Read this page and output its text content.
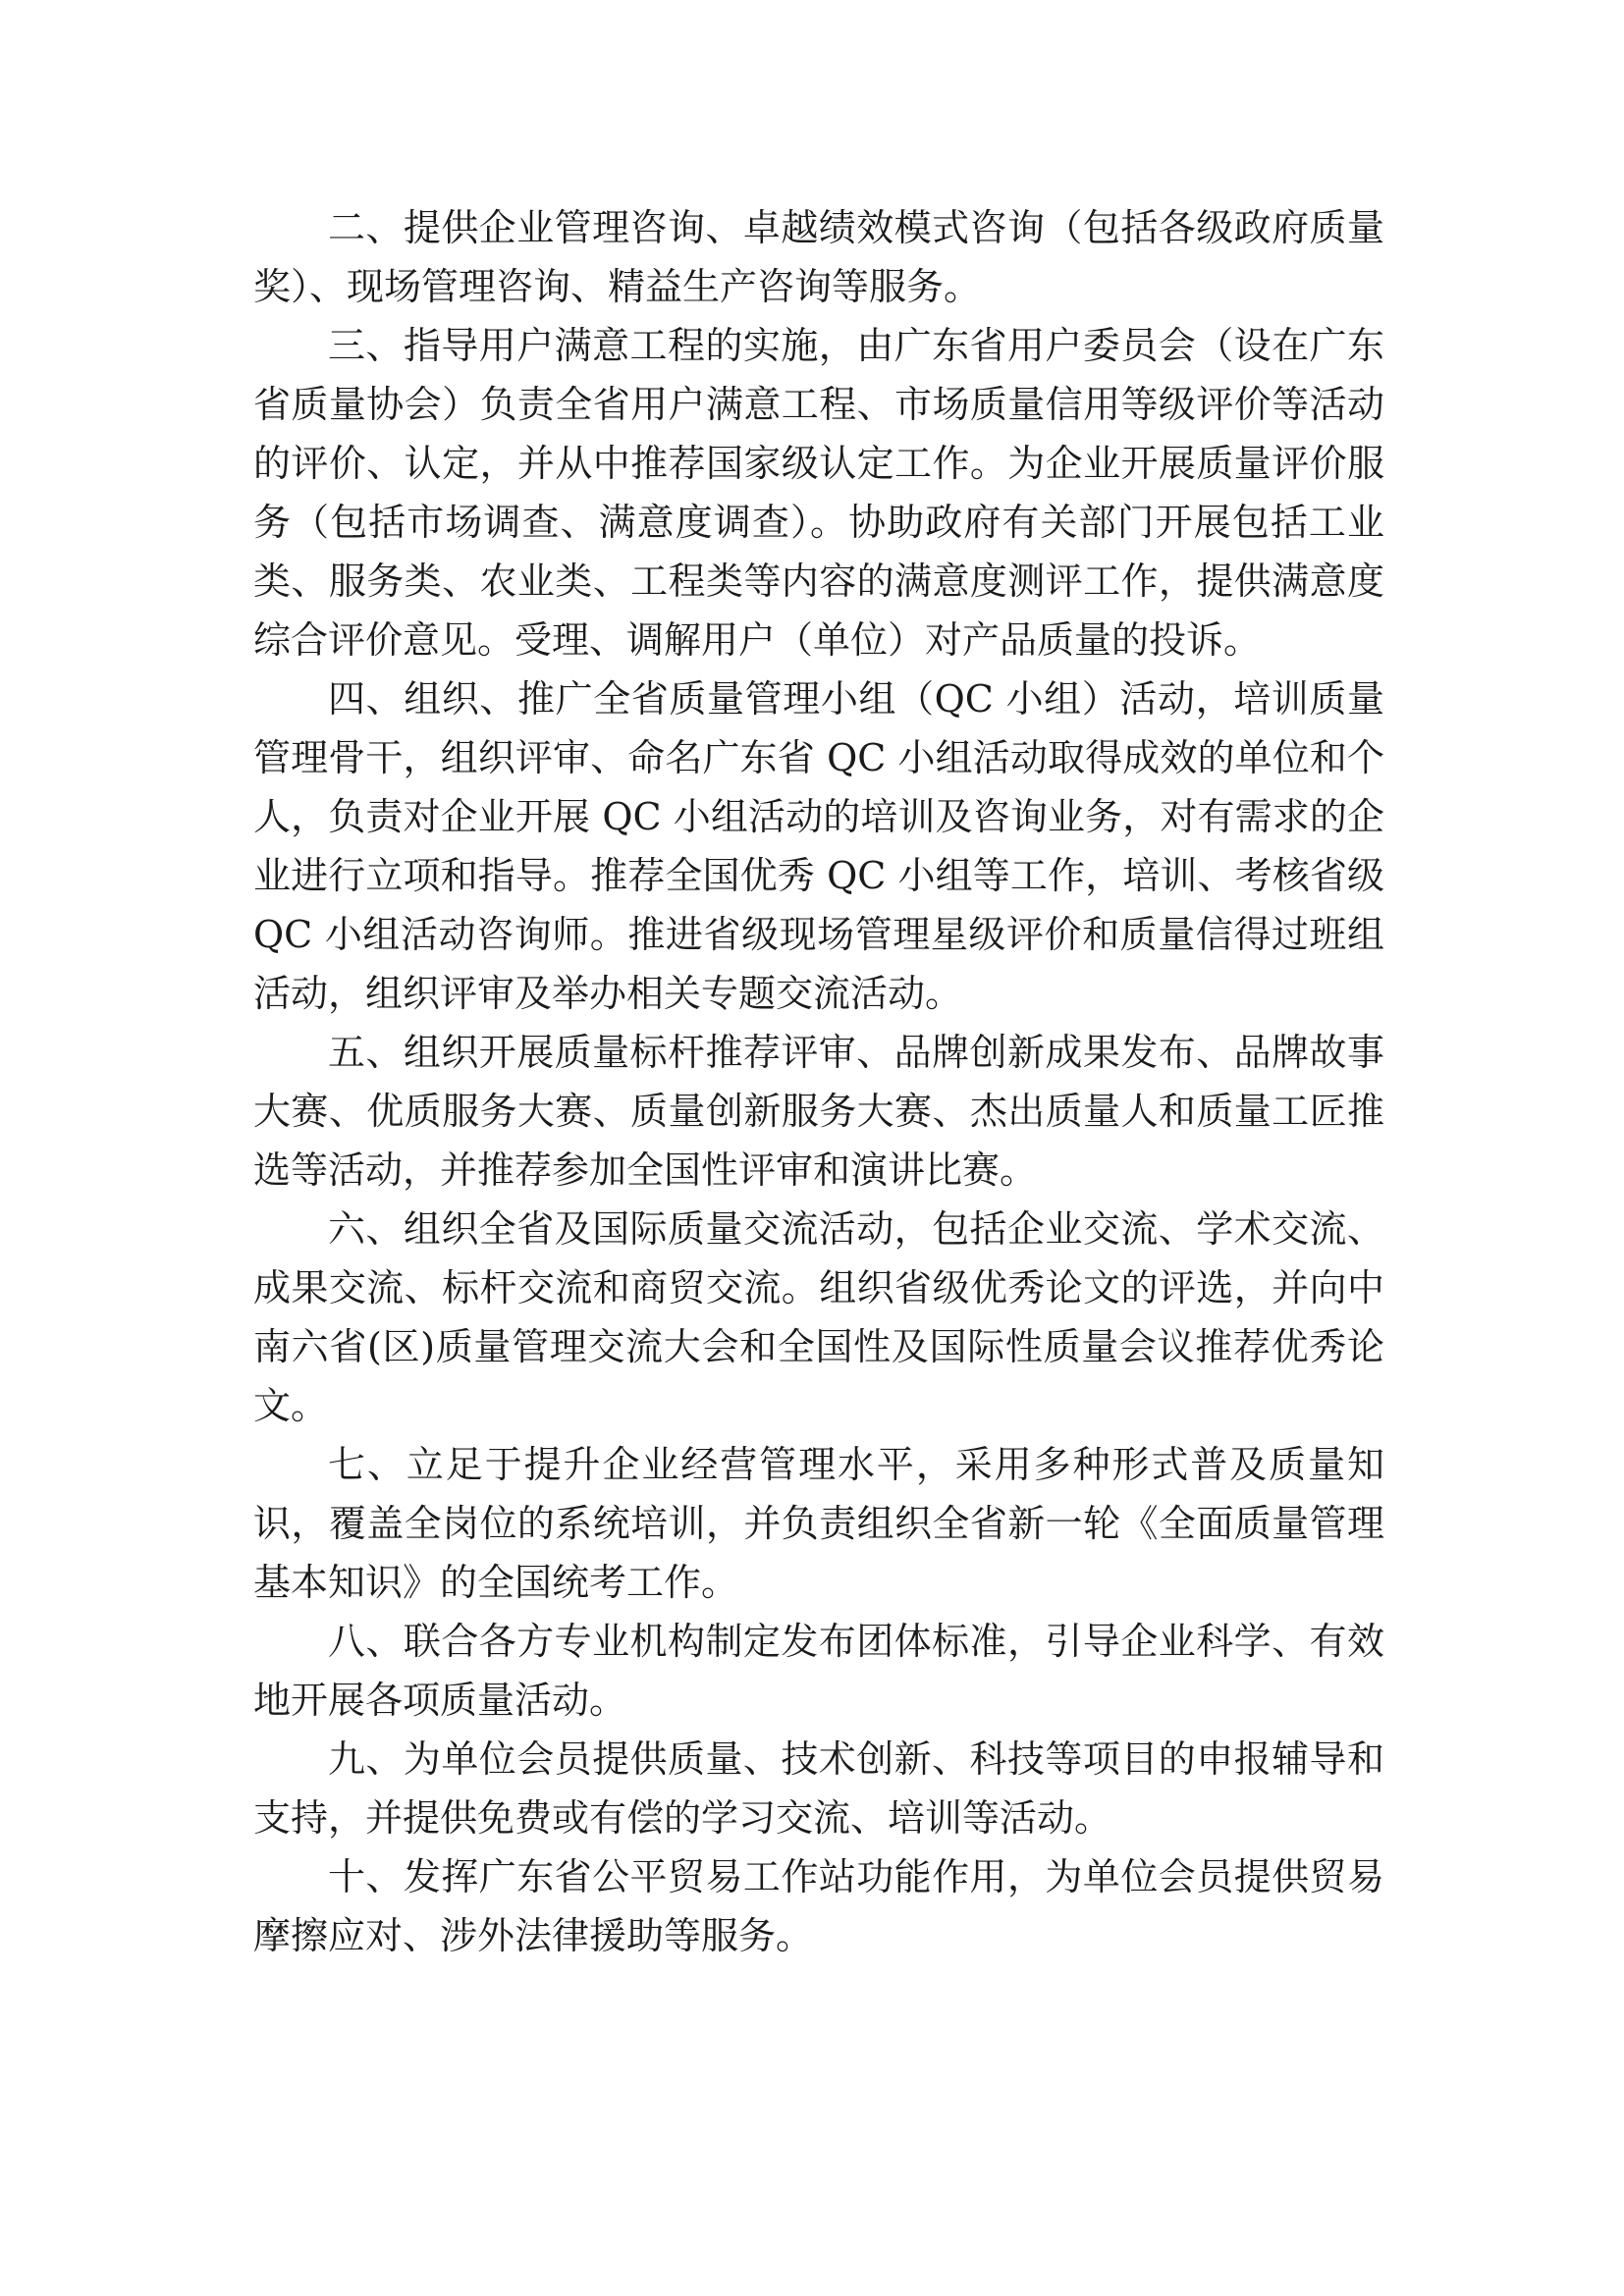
二、提供企业管理咨询、卓越绩效模式咨询（包括各级政府质量奖）、现场管理咨询、精益生产咨询等服务。

三、指导用户满意工程的实施，由广东省用户委员会（设在广东省质量协会）负责全省用户满意工程、市场质量信用等级评价等活动的评价、认定，并从中推荐国家级认定工作。为企业开展质量评价服务（包括市场调查、满意度调查）。协助政府有关部门开展包括工业类、服务类、农业类、工程类等内容的满意度测评工作，提供满意度综合评价意见。受理、调解用户（单位）对产品质量的投诉。

四、组织、推广全省质量管理小组（QC 小组）活动，培训质量管理骨干，组织评审、命名广东省 QC 小组活动取得成效的单位和个人，负责对企业开展 QC 小组活动的培训及咨询业务，对有需求的企业进行立项和指导。推荐全国优秀 QC 小组等工作，培训、考核省级QC 小组活动咨询师。推进省级现场管理星级评价和质量信得过班组活动，组织评审及举办相关专题交流活动。

五、组织开展质量标杆推荐评审、品牌创新成果发布、品牌故事大赛、优质服务大赛、质量创新服务大赛、杰出质量人和质量工匠推选等活动，并推荐参加全国性评审和演讲比赛。

六、组织全省及国际质量交流活动，包括企业交流、学术交流、成果交流、标杆交流和商贸交流。组织省级优秀论文的评选，并向中南六省(区)质量管理交流大会和全国性及国际性质量会议推荐优秀论文。

七、立足于提升企业经营管理水平，采用多种形式普及质量知识，覆盖全岗位的系统培训，并负责组织全省新一轮《全面质量管理基本知识》的全国统考工作。

八、联合各方专业机构制定发布团体标准，引导企业科学、有效地开展各项质量活动。

九、为单位会员提供质量、技术创新、科技等项目的申报辅导和支持，并提供免费或有偿的学习交流、培训等活动。

十、发挥广东省公平贸易工作站功能作用，为单位会员提供贸易摩擦应对、涉外法律援助等服务。
